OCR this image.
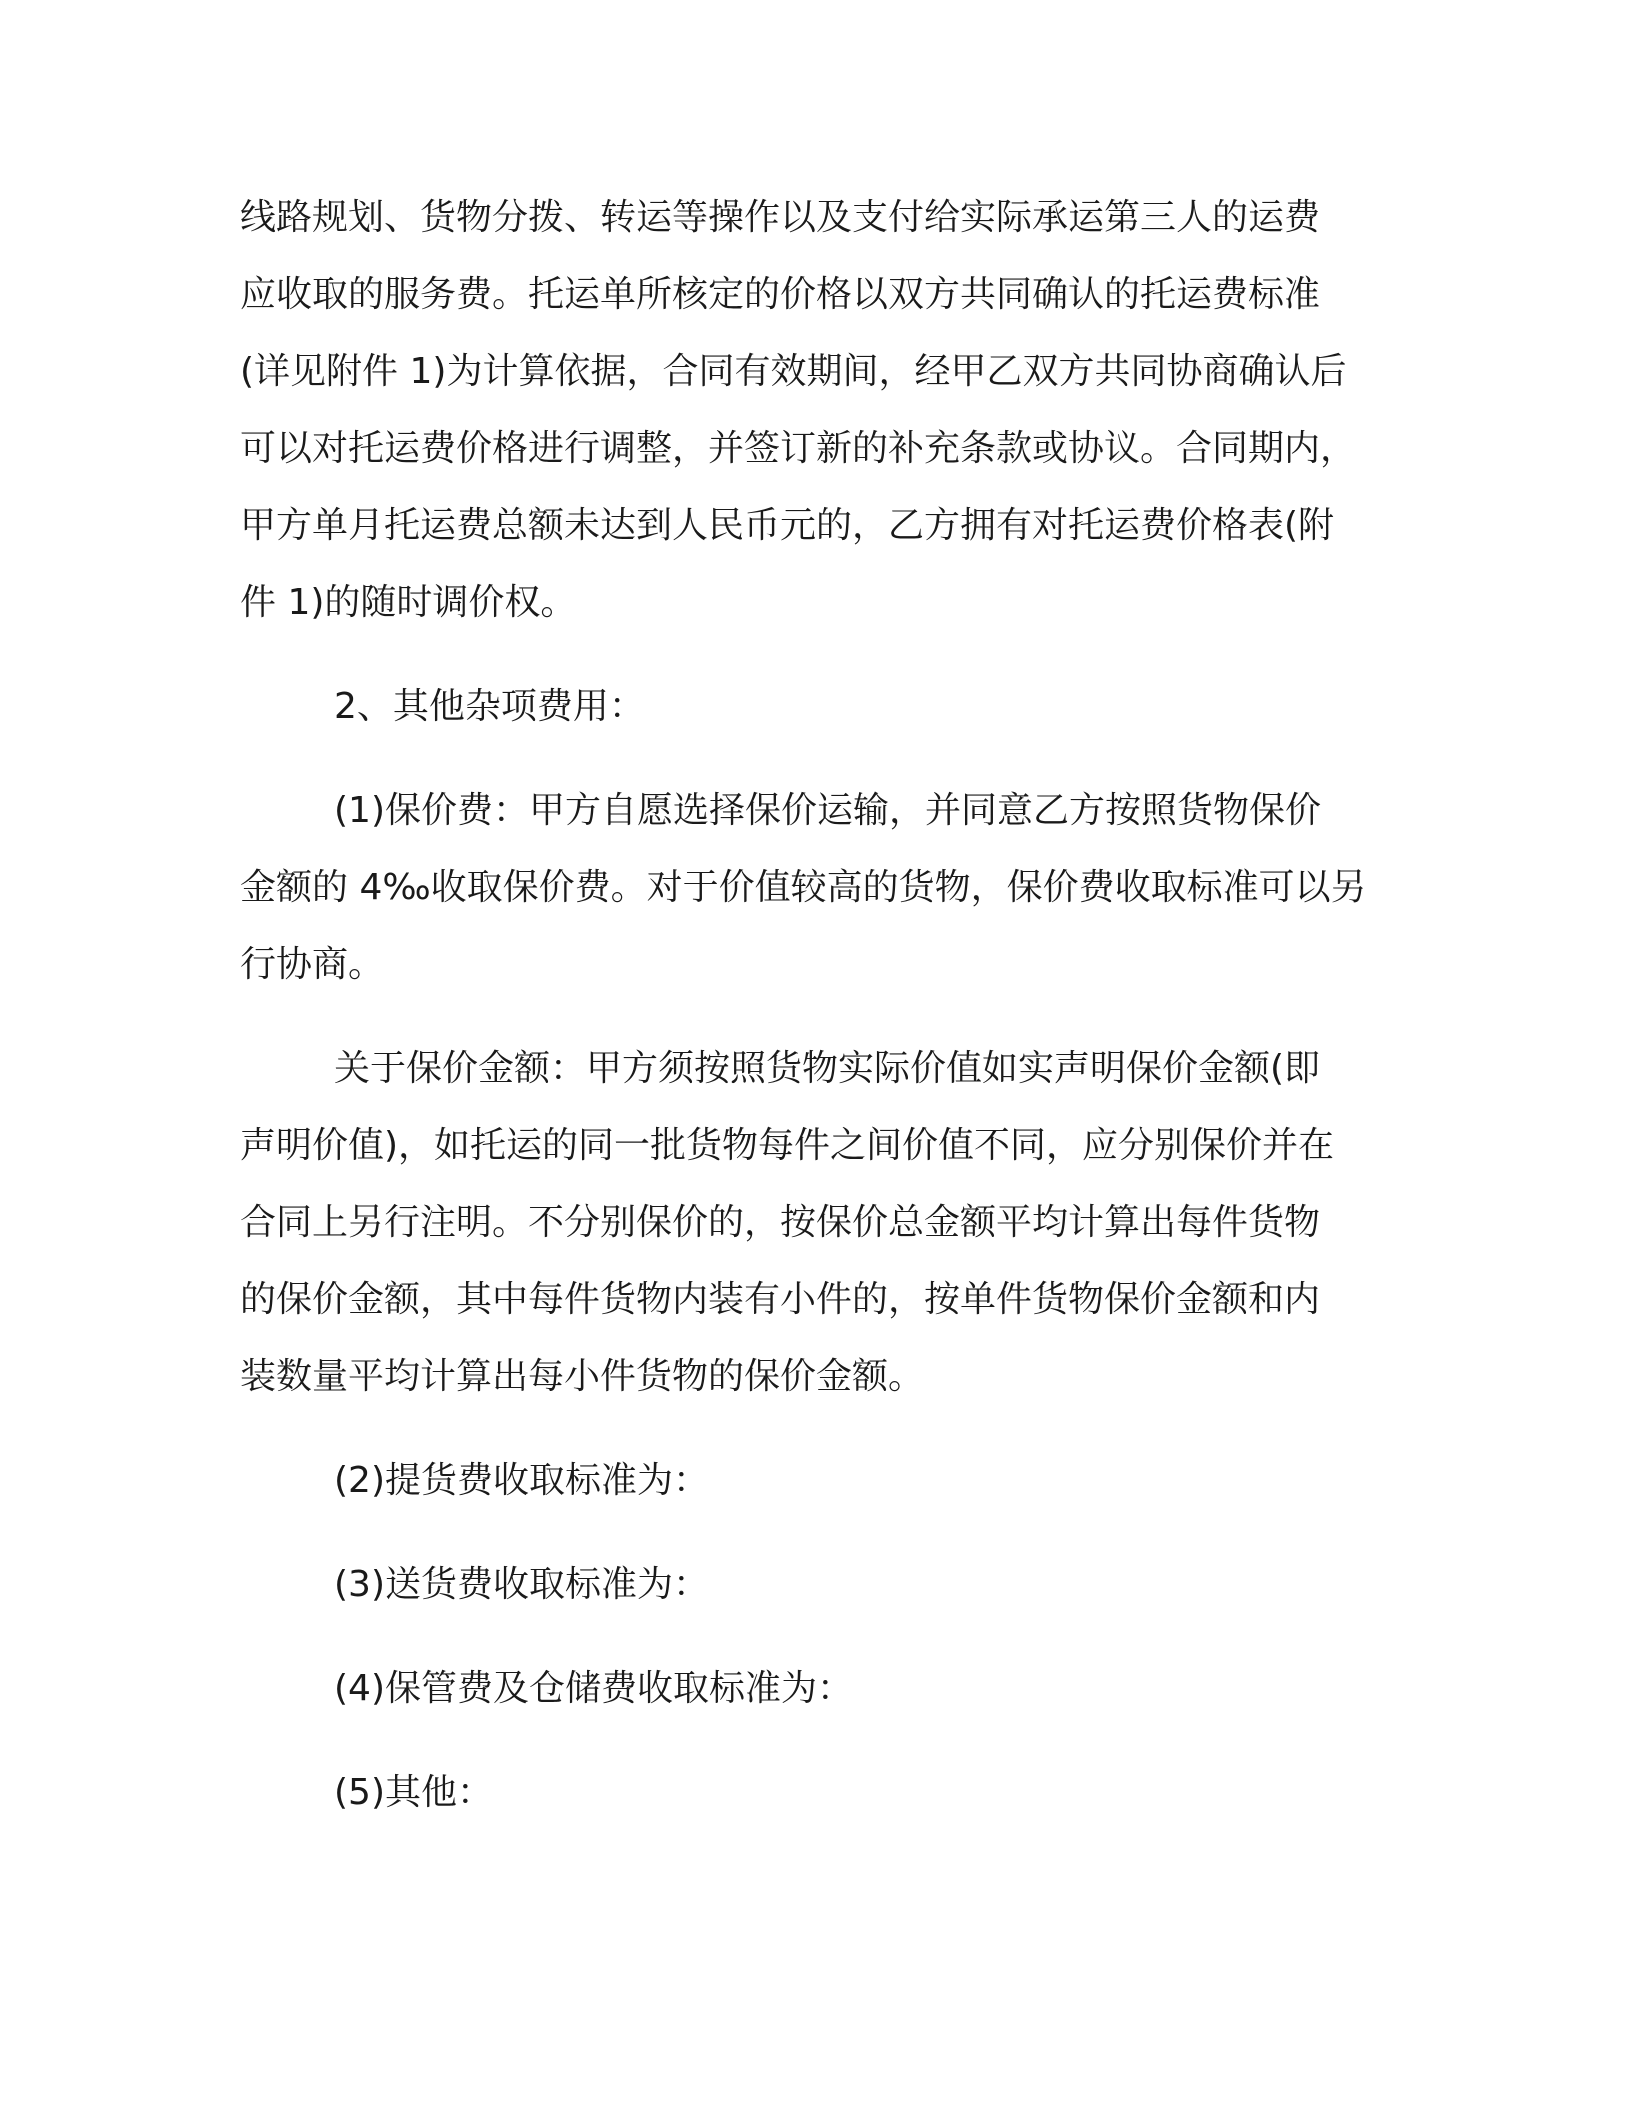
线路规划、货物分拨、转运等操作以及支付给实际承运第三人的运费
应收取的服务费。托运单所核定的价格以双方共同确认的托运费标准
(详见附件 1)为计算依据，合同有效期间，经甲乙双方共同协商确认后
可以对托运费价格进行调整，并签订新的补充条款或协议。合同期内，
甲方单月托运费总额未达到人民币元的，乙方拥有对托运费价格表(附
件 1)的随时调价权。
2、其他杂项费用：
(1)保价费：甲方自愿选择保价运输，并同意乙方按照货物保价
金额的 4‰收取保价费。对于价值较高的货物，保价费收取标准可以另
行协商。
关于保价金额：甲方须按照货物实际价值如实声明保价金额(即
声明价值)，如托运的同一批货物每件之间价值不同，应分别保价并在
合同上另行注明。不分别保价的，按保价总金额平均计算出每件货物
的保价金额，其中每件货物内装有小件的，按单件货物保价金额和内
装数量平均计算出每小件货物的保价金额。
(2)提货费收取标准为：
(3)送货费收取标准为：
(4)保管费及仓储费收取标准为：
(5)其他：
